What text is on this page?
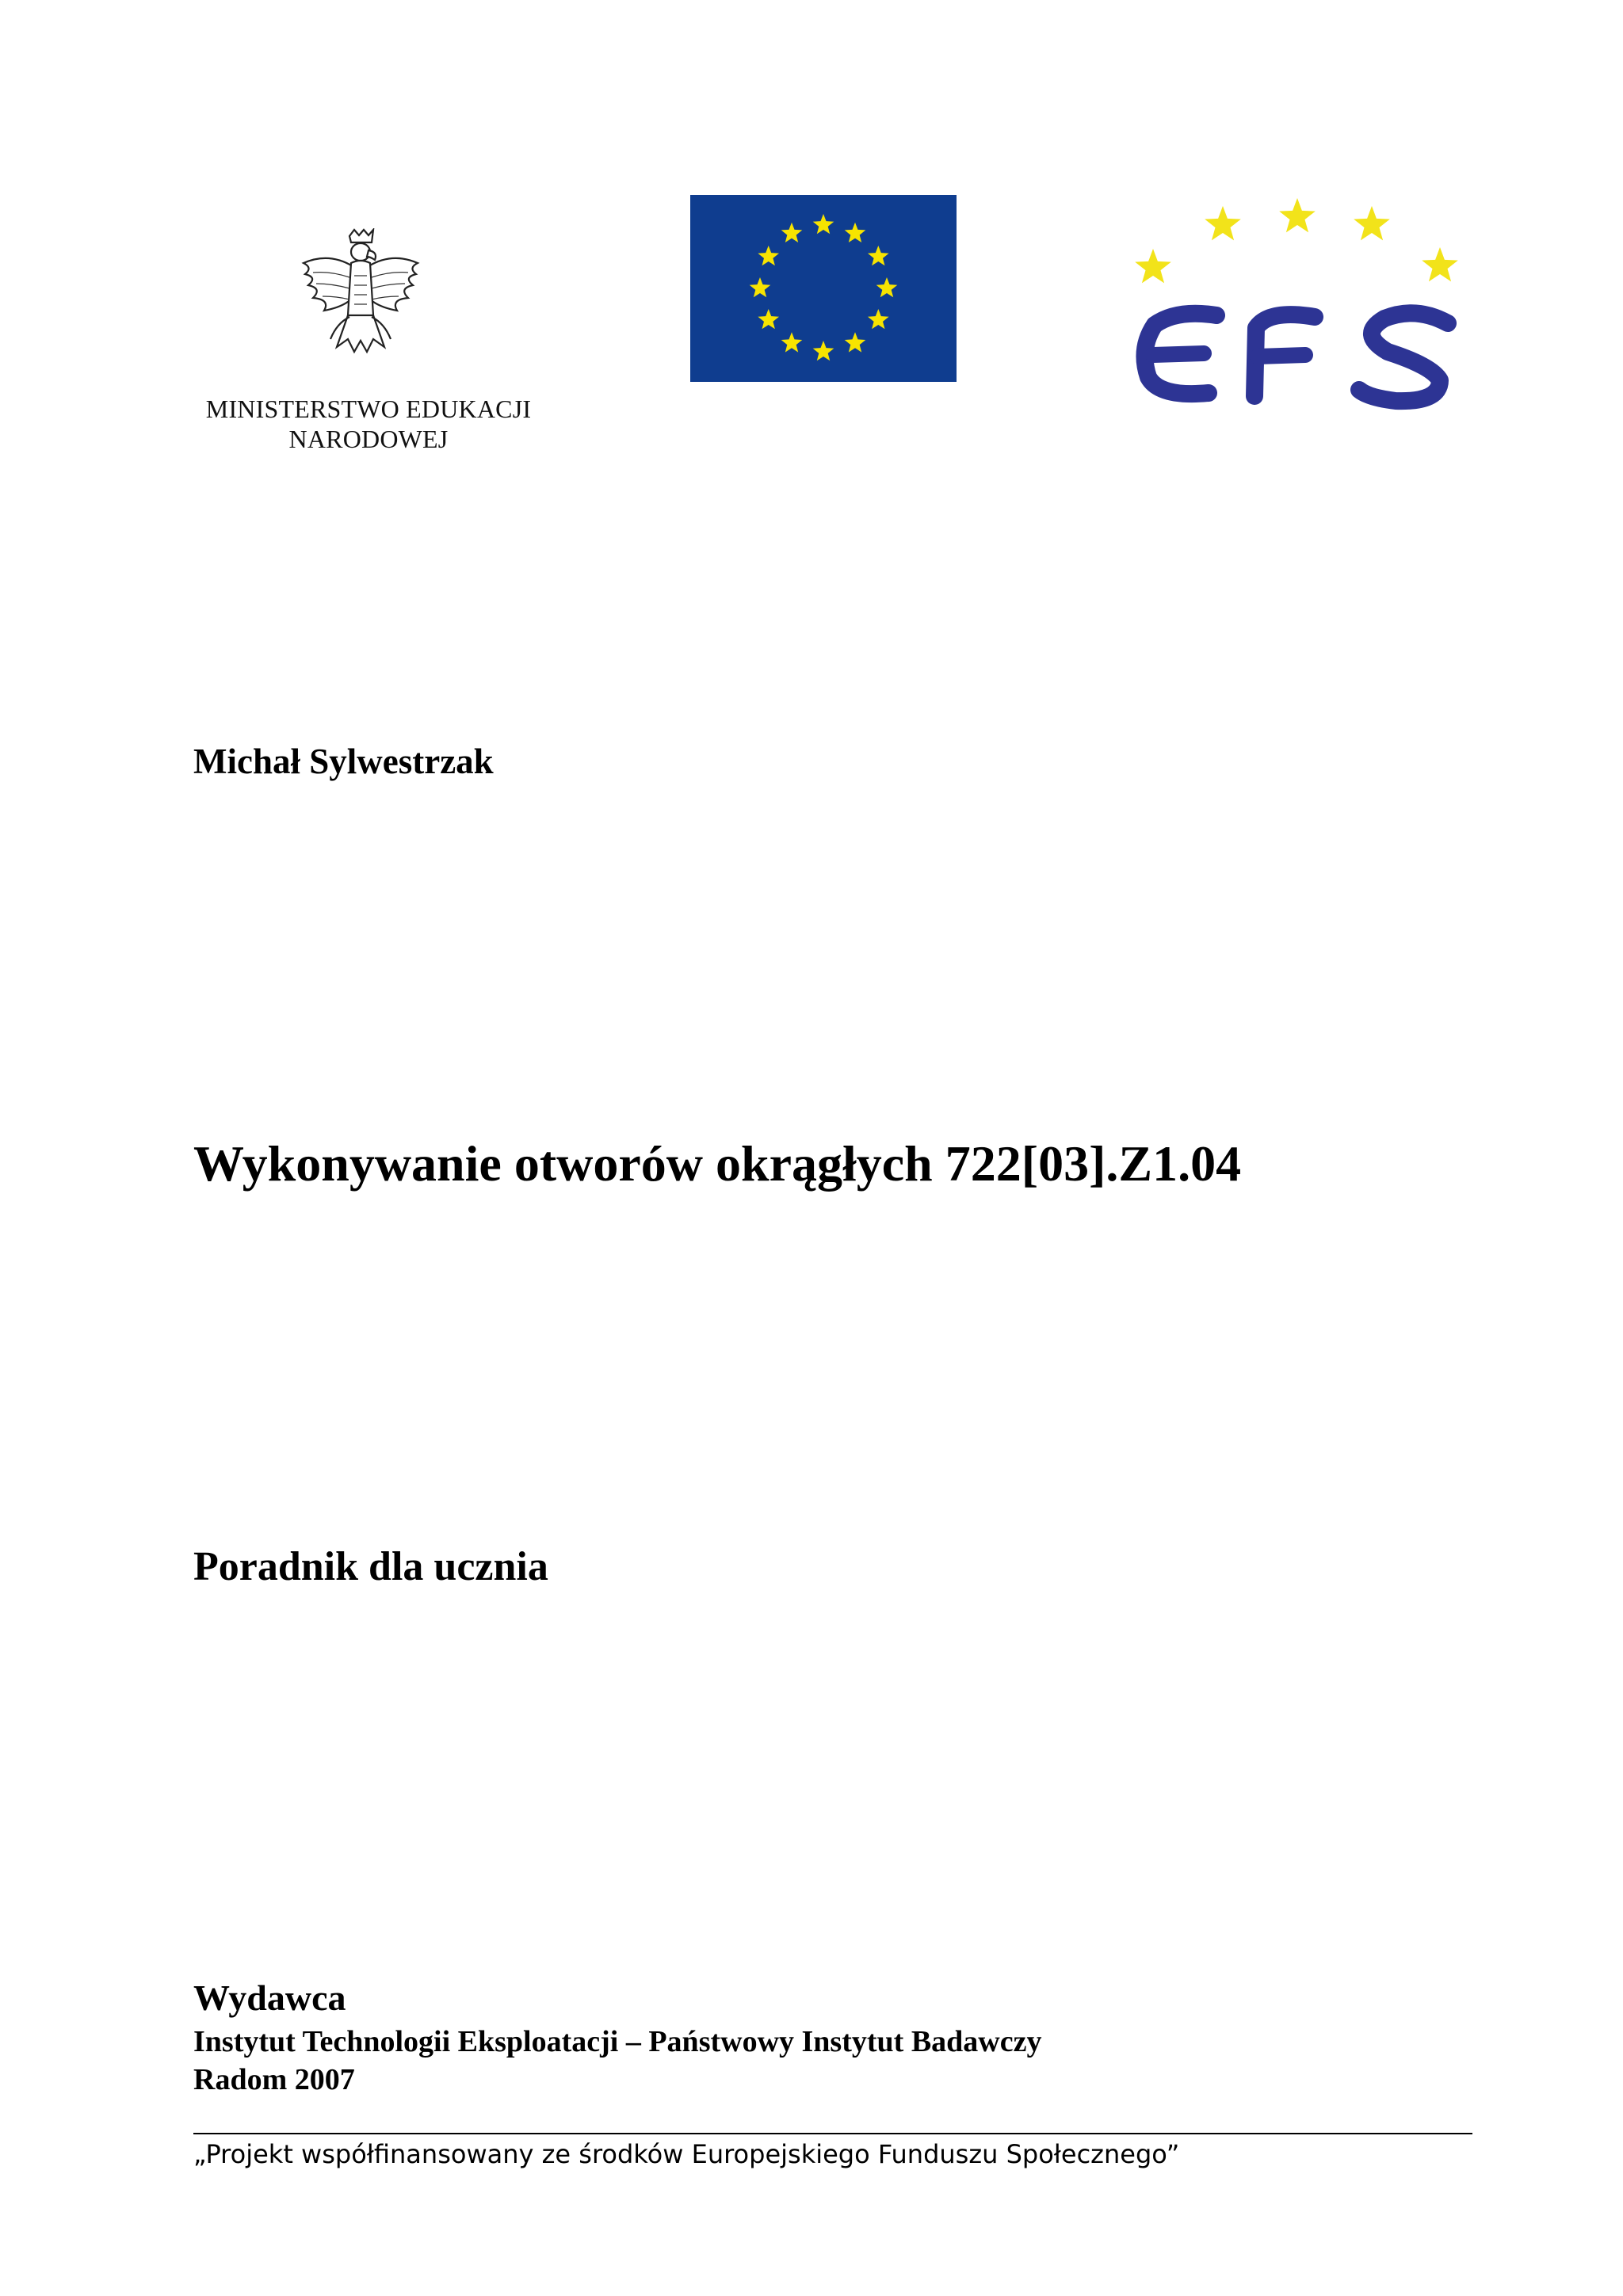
MINISTERSTWO EDUKACJI
NARODOWEJ
Michał Sylwestrzak
Wykonywanie otworów okrągłych 722[03].Z1.04
Poradnik dla ucznia
Wydawca
Instytut Technologii Eksploatacji – Państwowy Instytut Badawczy
Radom 2007
„Projekt współfinansowany ze środków Europejskiego Funduszu Społecznego”
